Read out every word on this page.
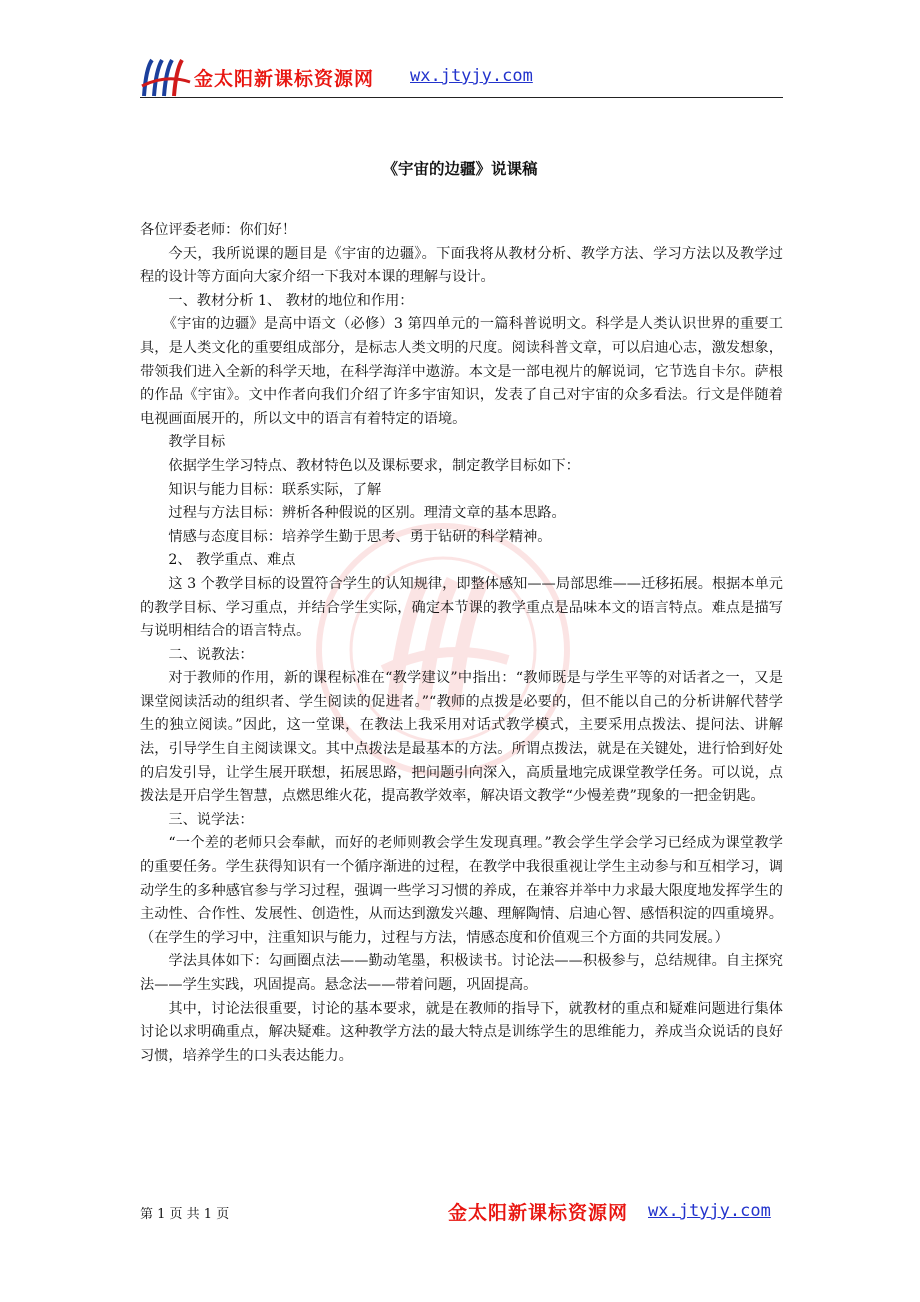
金太阳新课标资源网 wx.jtyjy.com
《宇宙的边疆》说课稿

各位评委老师：你们好！

今天，我所说课的题目是《宇宙的边疆》。下面我将从教材分析、教学方法、学习方法以及教学过程的设计等方面向大家介绍一下我对本课的理解与设计。

一、教材分析 1、 教材的地位和作用：

《宇宙的边疆》是高中语文（必修）3 第四单元的一篇科普说明文。科学是人类认识世界的重要工具，是人类文化的重要组成部分，是标志人类文明的尺度。阅读科普文章，可以启迪心志，激发想象，带领我们进入全新的科学天地，在科学海洋中遨游。本文是一部电视片的解说词，它节选自卡尔。萨根的作品《宇宙》。文中作者向我们介绍了许多宇宙知识，发表了自己对宇宙的众多看法。行文是伴随着电视画面展开的，所以文中的语言有着特定的语境。

教学目标

依据学生学习特点、教材特色以及课标要求，制定教学目标如下：

知识与能力目标：联系实际，了解

过程与方法目标：辨析各种假说的区别。理清文章的基本思路。

情感与态度目标：培养学生勤于思考、勇于钻研的科学精神。

2、 教学重点、难点

这 3 个教学目标的设置符合学生的认知规律，即整体感知——局部思维——迁移拓展。根据本单元的教学目标、学习重点，并结合学生实际，确定本节课的教学重点是品味本文的语言特点。难点是描写与说明相结合的语言特点。

二、说教法：

对于教师的作用，新的课程标准在“教学建议”中指出：“教师既是与学生平等的对话者之一，又是课堂阅读活动的组织者、学生阅读的促进者。”“教师的点拨是必要的，但不能以自己的分析讲解代替学生的独立阅读。”因此，这一堂课，在教法上我采用对话式教学模式，主要采用点拨法、提问法、讲解法，引导学生自主阅读课文。其中点拨法是最基本的方法。所谓点拨法，就是在关键处，进行恰到好处的启发引导，让学生展开联想，拓展思路，把问题引向深入，高质量地完成课堂教学任务。可以说，点拨法是开启学生智慧，点燃思维火花，提高教学效率，解决语文教学“少慢差费”现象的一把金钥匙。

三、说学法：

“一个差的老师只会奉献，而好的老师则教会学生发现真理。”教会学生学会学习已经成为课堂教学的重要任务。学生获得知识有一个循序渐进的过程，在教学中我很重视让学生主动参与和互相学习，调动学生的多种感官参与学习过程，强调一些学习习惯的养成，在兼容并举中力求最大限度地发挥学生的主动性、合作性、发展性、创造性，从而达到激发兴趣、理解陶情、启迪心智、感悟积淀的四重境界。（在学生的学习中，注重知识与能力，过程与方法，情感态度和价值观三个方面的共同发展。）

学法具体如下：勾画圈点法——勤动笔墨，积极读书。讨论法——积极参与，总结规律。自主探究法——学生实践，巩固提高。悬念法——带着问题，巩固提高。

其中，讨论法很重要，讨论的基本要求，就是在教师的指导下，就教材的重点和疑难问题进行集体讨论以求明确重点，解决疑难。这种教学方法的最大特点是训练学生的思维能力，养成当众说话的良好习惯，培养学生的口头表达能力。

第 1 页 共 1 页	金太阳新课标资源网 wx.jtyjy.com
